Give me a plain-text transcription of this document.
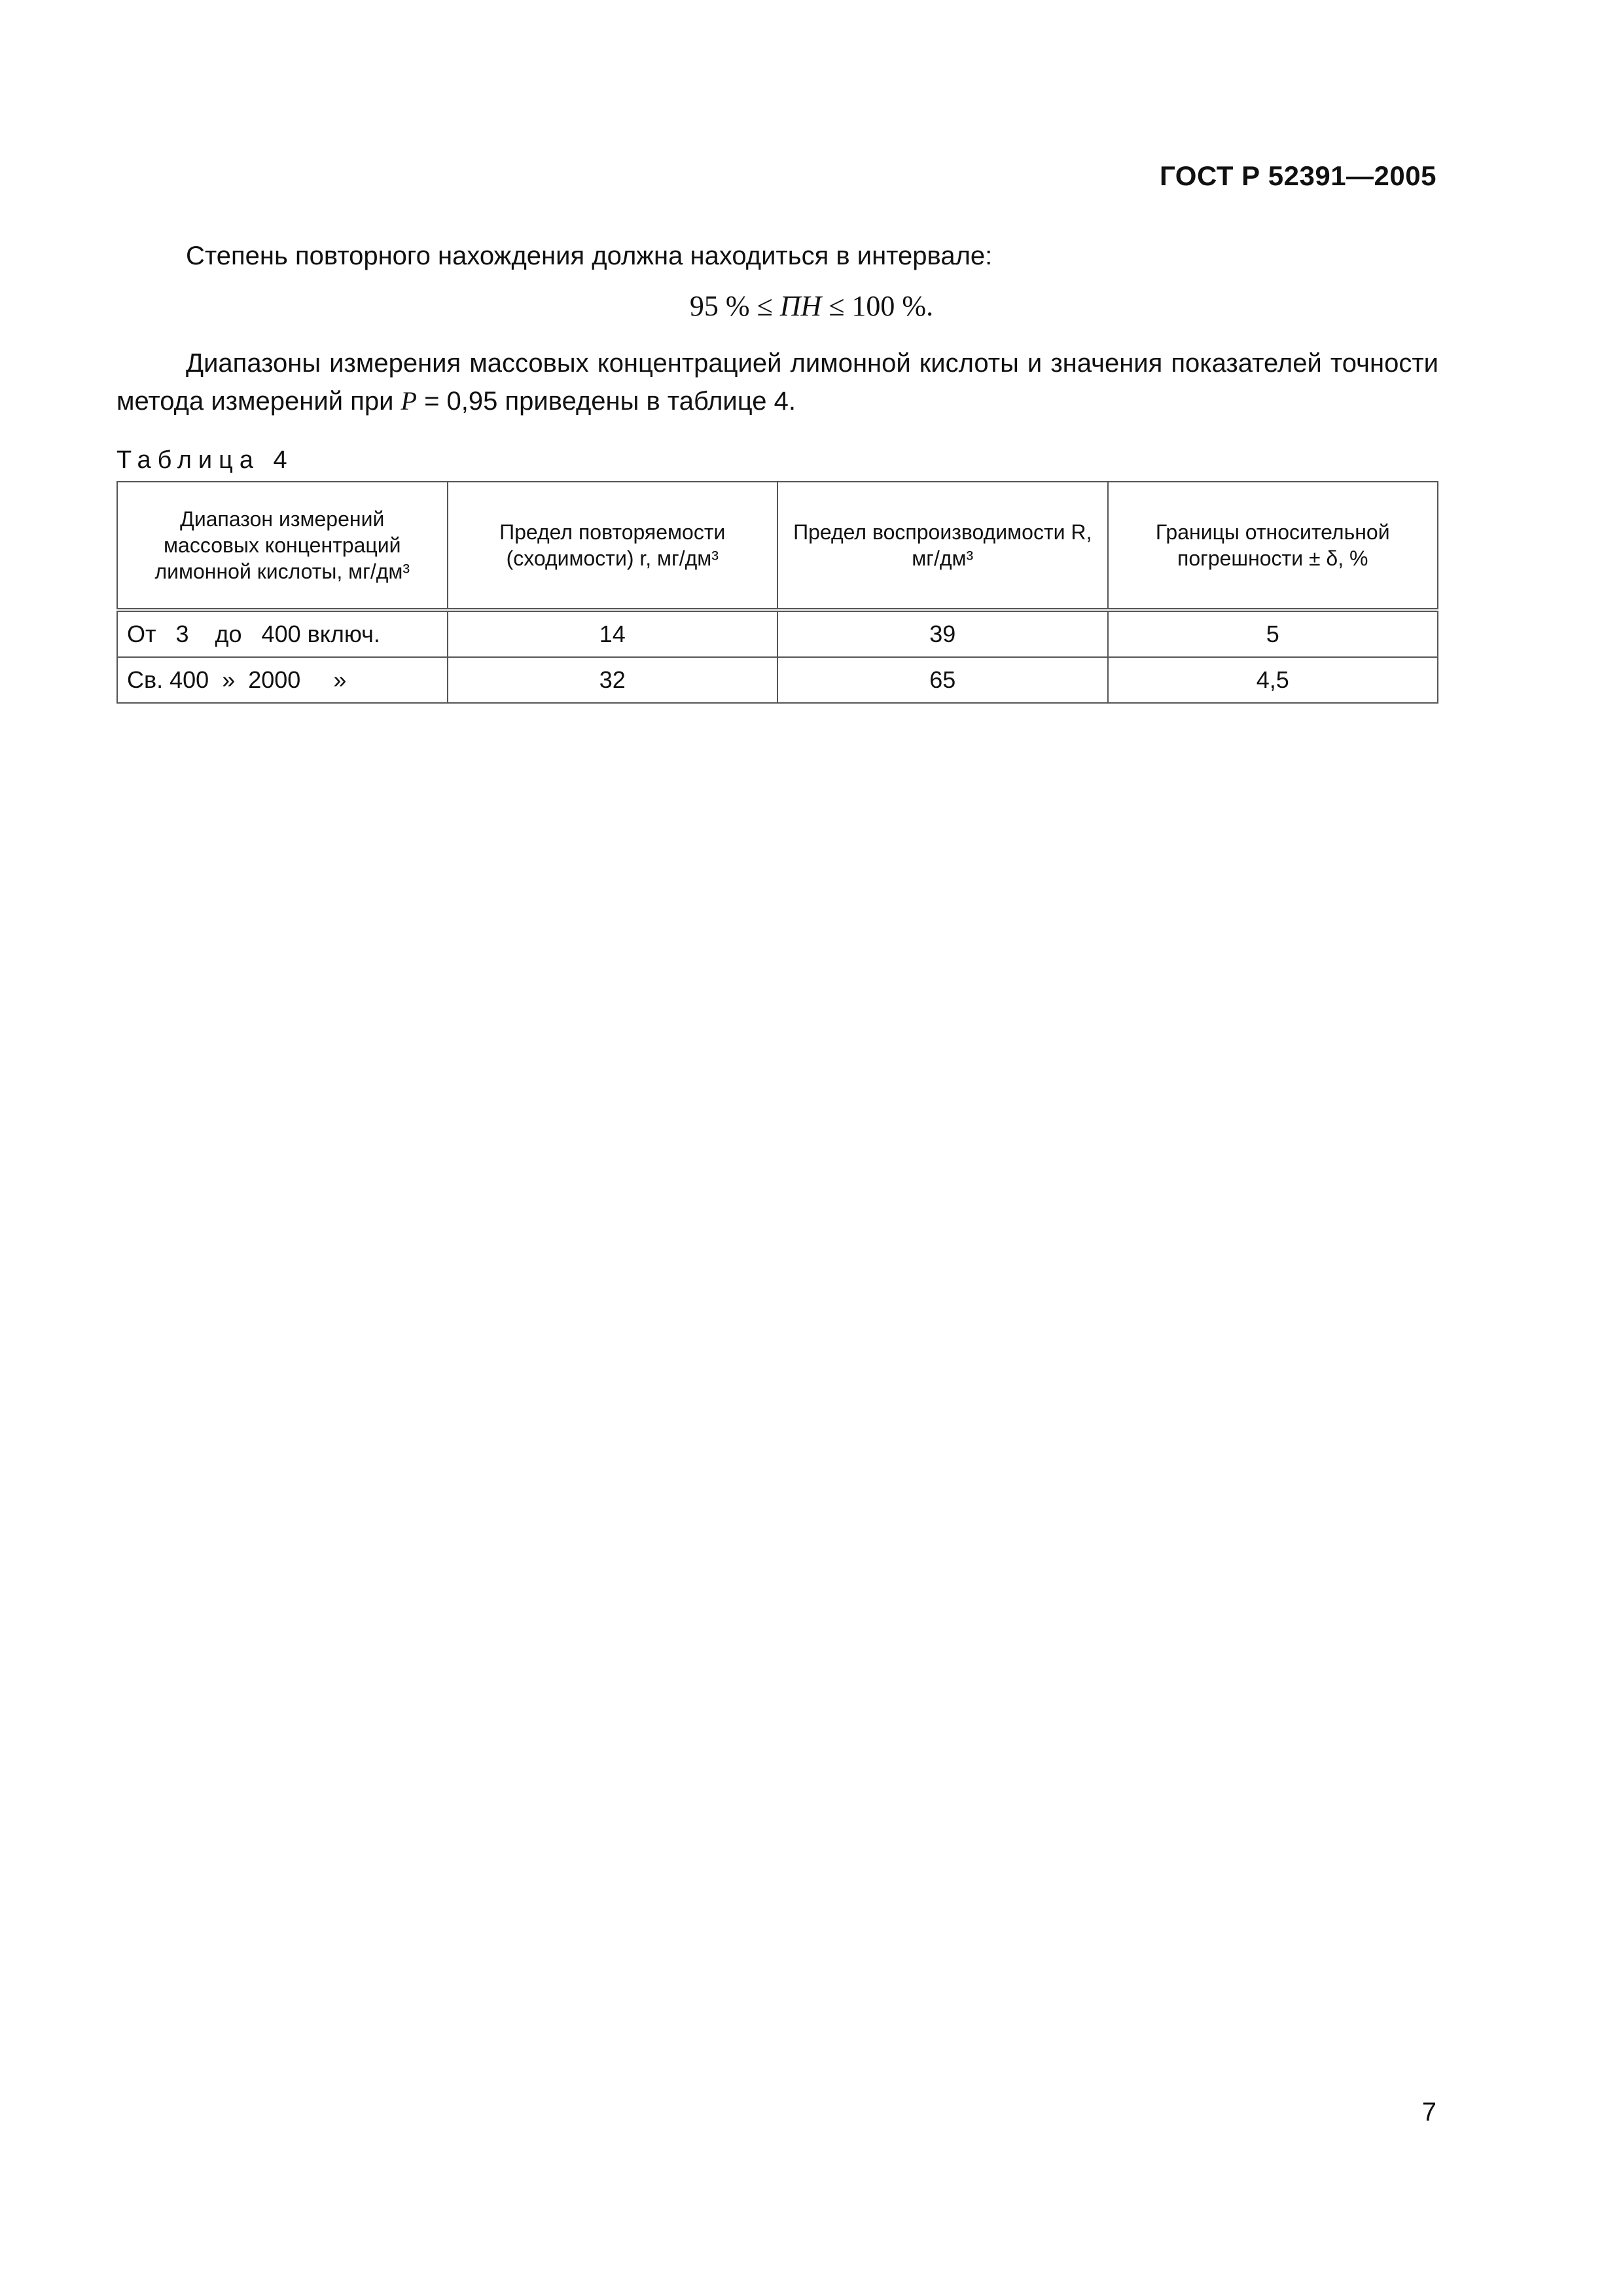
ГОСТ Р 52391—2005
Степень повторного нахождения должна находиться в интервале:
95 % ≤ ПН ≤ 100 %.
Диапазоны измерения массовых концентрацией лимонной кислоты и значения показателей точности метода измерений при P = 0,95 приведены в таблице 4.
Таблица 4
Диапазон измерений массовых концентраций лимонной кислоты, мг/дм³	Предел повторяемости (сходимости) r, мг/дм³	Предел воспроизводимости R, мг/дм³	Границы относительной погрешности ± δ, %
От   3    до   400 включ.	14	39	5
Св. 400  »  2000     »	32	65	4,5
7
